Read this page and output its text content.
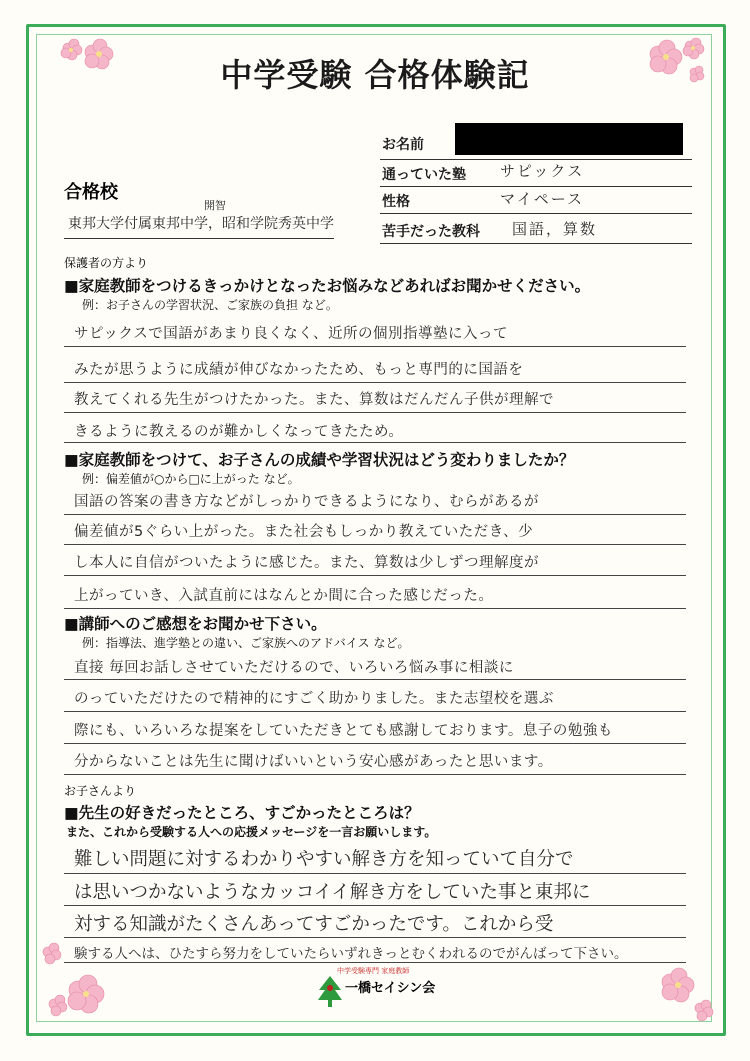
中学受験 合格体験記
お名前
通っていた塾 サピックス
性格	マイペース
苦手だった教科 国語，算数
合格校
開智
東邦大学付属東邦中学，昭和学院秀英中学
保護者の方より
■家庭教師をつけるきっかけとなったお悩みなどあればお聞かせください。
例：お子さんの学習状況、ご家族の負担 など。
サピックスで国語があまり良くなく、近所の個別指導塾に入って
みたが思うように成績が伸びなかったため、もっと専門的に国語を
教えてくれる先生がつけたかった。また、算数はだんだん子供が理解で
きるように教えるのが難かしくなってきたため。
■家庭教師をつけて、お子さんの成績や学習状況はどう変わりましたか？
例：偏差値が○から□に上がった など。
国語の答案の書き方などがしっかりできるようになり、むらがあるが
偏差値が5ぐらい上がった。また社会もしっかり教えていただき、少
し本人に自信がついたように感じた。また、算数は少しずつ理解度が
上がっていき、入試直前にはなんとか間に合った感じだった。
■講師へのご感想をお聞かせ下さい。
例：指導法、進学塾との違い、ご家族へのアドバイス など。
直接 毎回お話しさせていただけるので、いろいろ悩み事に相談に
のっていただけたので精神的にすごく助かりました。また志望校を選ぶ
際にも、いろいろな提案をしていただきとても感謝しております。息子の勉強も
分からないことは先生に聞けばいいという安心感があったと思います。
お子さんより
■先生の好きだったところ、すごかったところは？
また、これから受験する人への応援メッセージを一言お願いします。
難しい問題に対するわかりやすい解き方を知っていて自分で
は思いつかないようなカッコイイ解き方をしていた事と東邦に
対する知識がたくさんあってすごかったです。これから受
験する人へは、ひたすら努力をしていたらいずれきっとむくわれるのでがんばって下さい。
中学受験専門 家庭教師
一橋セイシン会
